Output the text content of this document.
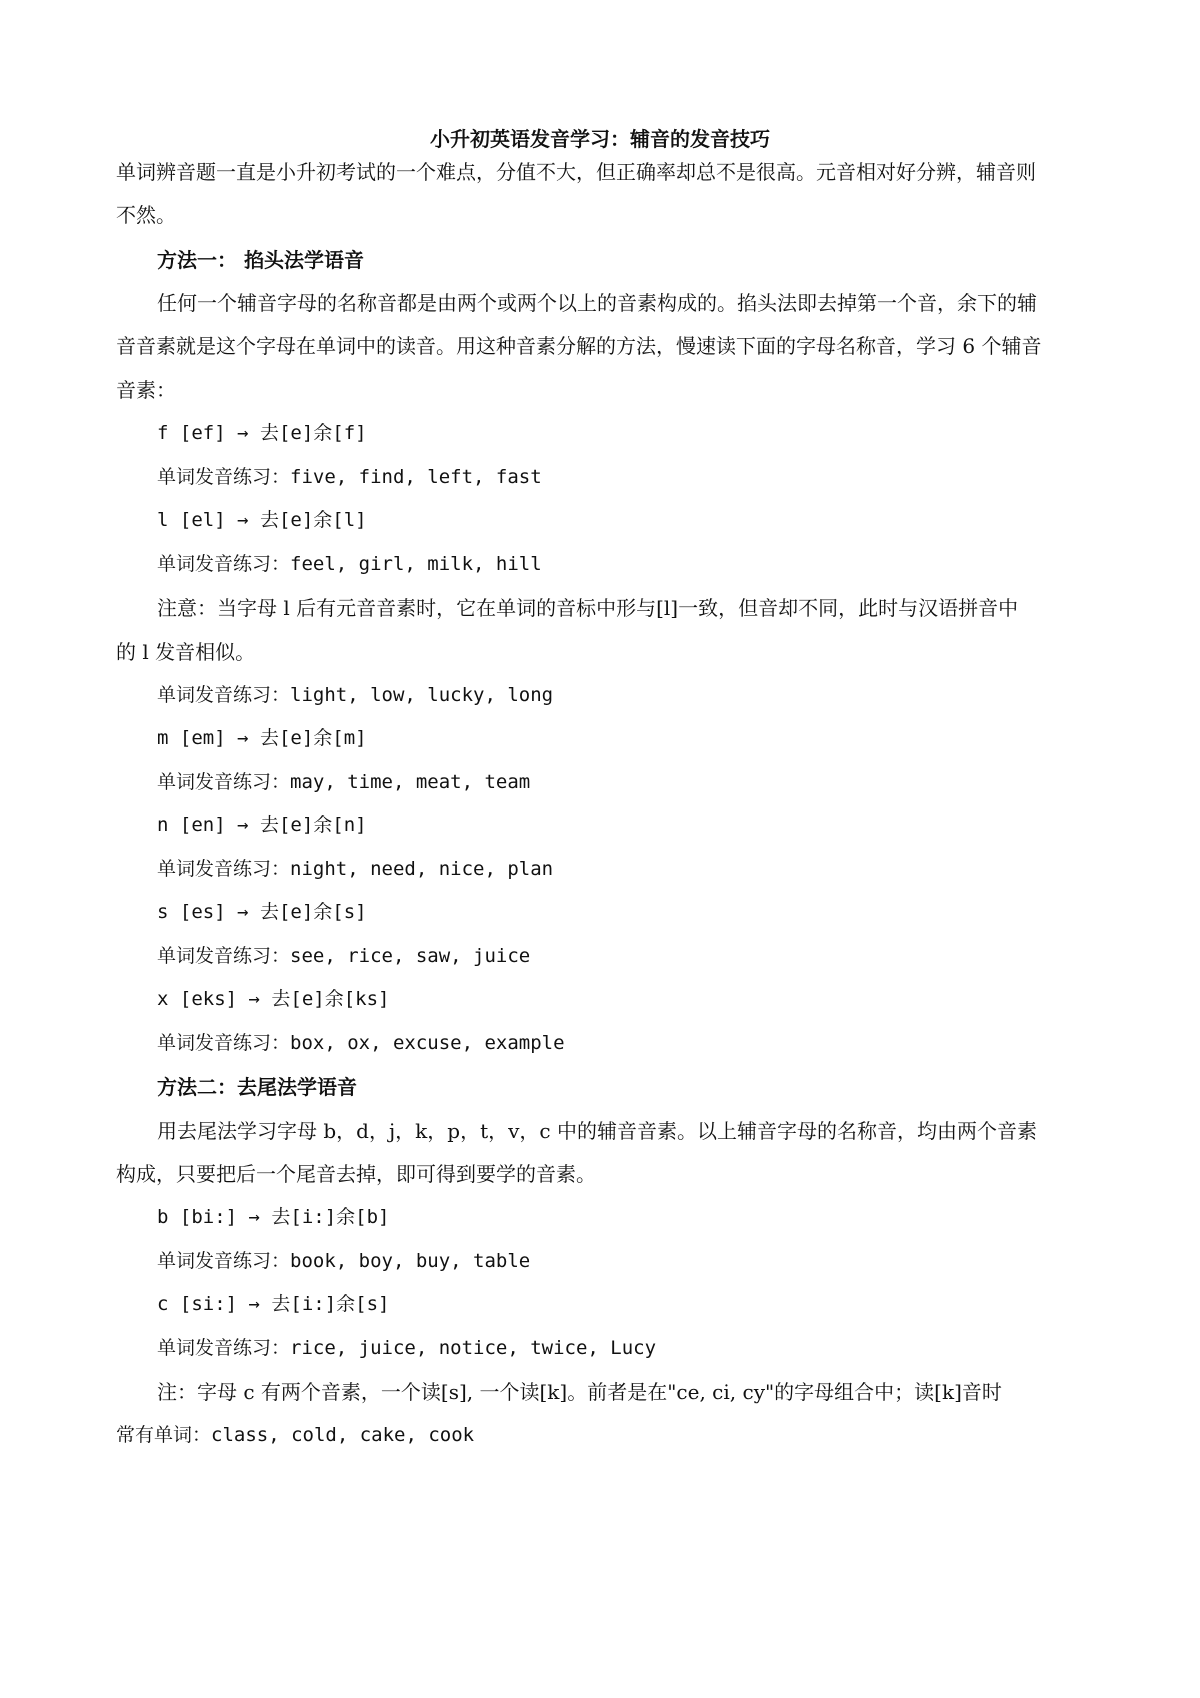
小升初英语发音学习：辅音的发音技巧
单词辨音题一直是小升初考试的一个难点，分值不大，但正确率却总不是很高。元音相对好分辨，辅音则
不然。
方法一： 掐头法学语音
任何一个辅音字母的名称音都是由两个或两个以上的音素构成的。掐头法即去掉第一个音，余下的辅
音音素就是这个字母在单词中的读音。用这种音素分解的方法，慢速读下面的字母名称音，学习 6 个辅音
音素：
f [ef] → 去[e]余[f]
单词发音练习：five, find, left, fast
l [el] → 去[e]余[l]
单词发音练习：feel, girl, milk, hill
注意：当字母 l 后有元音音素时，它在单词的音标中形与[l]一致，但音却不同，此时与汉语拼音中
的 l 发音相似。
单词发音练习：light, low, lucky, long
m [em] → 去[e]余[m]
单词发音练习：may, time, meat, team
n [en] → 去[e]余[n]
单词发音练习：night, need, nice, plan
s [es] → 去[e]余[s]
单词发音练习：see, rice, saw, juice
x [eks] → 去[e]余[ks]
单词发音练习：box, ox, excuse, example
方法二：去尾法学语音
用去尾法学习字母 b，d，j，k，p，t，v，c 中的辅音音素。以上辅音字母的名称音，均由两个音素
构成，只要把后一个尾音去掉，即可得到要学的音素。
b [bi:] → 去[i:]余[b]
单词发音练习：book, boy, buy, table
c [si:] → 去[i:]余[s]
单词发音练习：rice, juice, notice, twice, Lucy
注：字母 c 有两个音素，一个读[s], 一个读[k]。前者是在"ce, ci, cy"的字母组合中；读[k]音时
常有单词：class, cold, cake, cook
